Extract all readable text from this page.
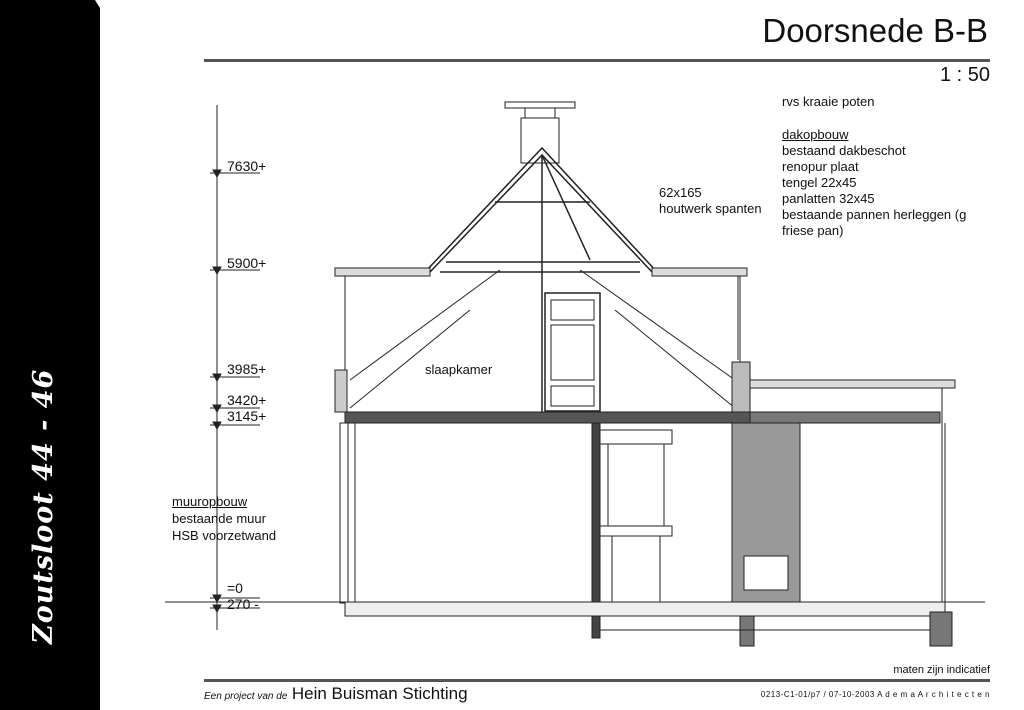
Zoutsloot 44 - 46
Doorsnede B-B
1 : 50
7630+
5900+
3985+
3420+
3145+
=0
270 -
rvs kraaie poten
dakopbouw
bestaand dakbeschot
renopur plaat
tengel 22x45
panlatten 32x45
bestaande pannen herleggen (g
friese pan)
62x165
houtwerk spanten
slaapkamer
muuropbouw
bestaande muur
HSB voorzetwand
maten zijn indicatief
Een project van de Hein Buisman Stichting	0213-C1-01/p7 / 07-10-2003 A d e m a A r c h i t e c t e n
